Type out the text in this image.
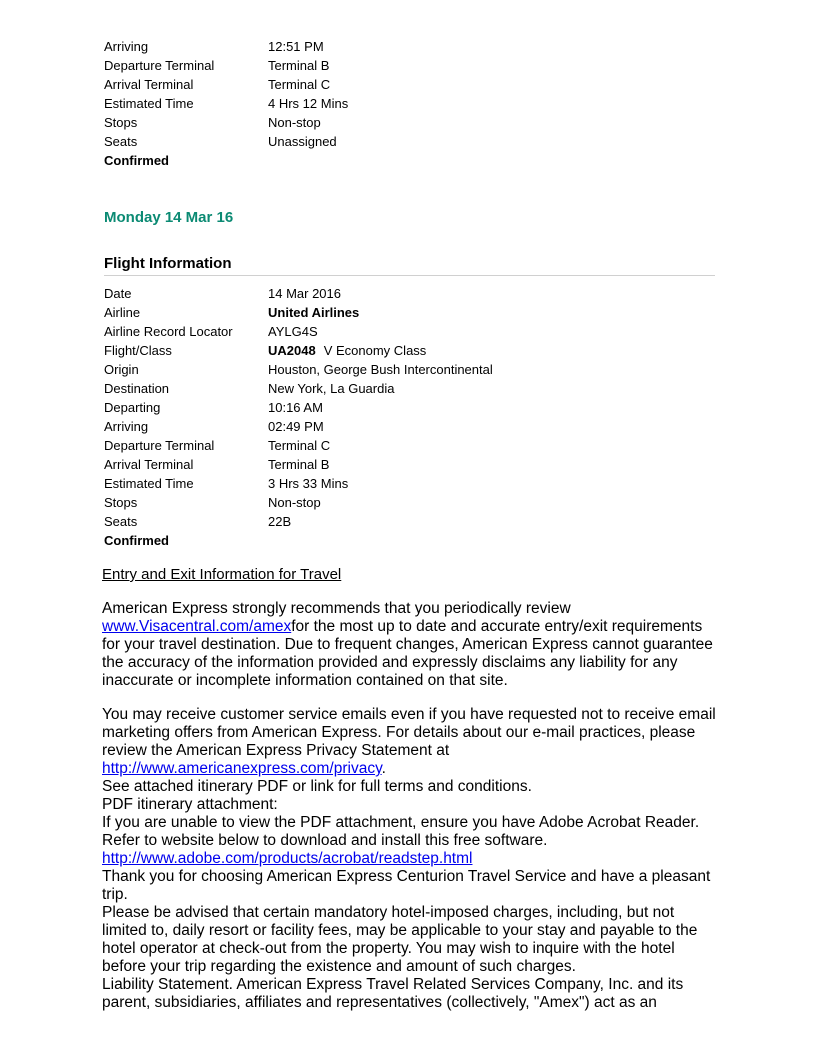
Arriving	12:51 PM
Departure Terminal	Terminal B
Arrival Terminal	Terminal C
Estimated Time	4 Hrs 12 Mins
Stops	Non-stop
Seats	Unassigned
Confirmed
Monday 14 Mar 16
Flight Information
Date	14 Mar 2016
Airline	United Airlines
Airline Record Locator	AYLG4S
Flight/Class	UA2048 V Economy Class
Origin	Houston, George Bush Intercontinental
Destination	New York, La Guardia
Departing	10:16 AM
Arriving	02:49 PM
Departure Terminal	Terminal C
Arrival Terminal	Terminal B
Estimated Time	3 Hrs 33 Mins
Stops	Non-stop
Seats	22B
Confirmed
Entry and Exit Information for Travel

American Express strongly recommends that you periodically review
www.Visacentral.com/amexfor the most up to date and accurate entry/exit requirements for your travel destination. Due to frequent changes, American Express cannot guarantee the accuracy of the information provided and expressly disclaims any liability for any inaccurate or incomplete information contained on that site.

You may receive customer service emails even if you have requested not to receive email marketing offers from American Express. For details about our e-mail practices, please review the American Express Privacy Statement at http://www.americanexpress.com/privacy.

See attached itinerary PDF or link for full terms and conditions.

PDF itinerary attachment:

If you are unable to view the PDF attachment, ensure you have Adobe Acrobat Reader. Refer to website below to download and install this free software.

http://www.adobe.com/products/acrobat/readstep.html

Thank you for choosing American Express Centurion Travel Service and have a pleasant trip.

Please be advised that certain mandatory hotel-imposed charges, including, but not limited to, daily resort or facility fees, may be applicable to your stay and payable to the hotel operator at check-out from the property. You may wish to inquire with the hotel before your trip regarding the existence and amount of such charges.

Liability Statement. American Express Travel Related Services Company, Inc. and its parent, subsidiaries, affiliates and representatives (collectively, "Amex") act as an
